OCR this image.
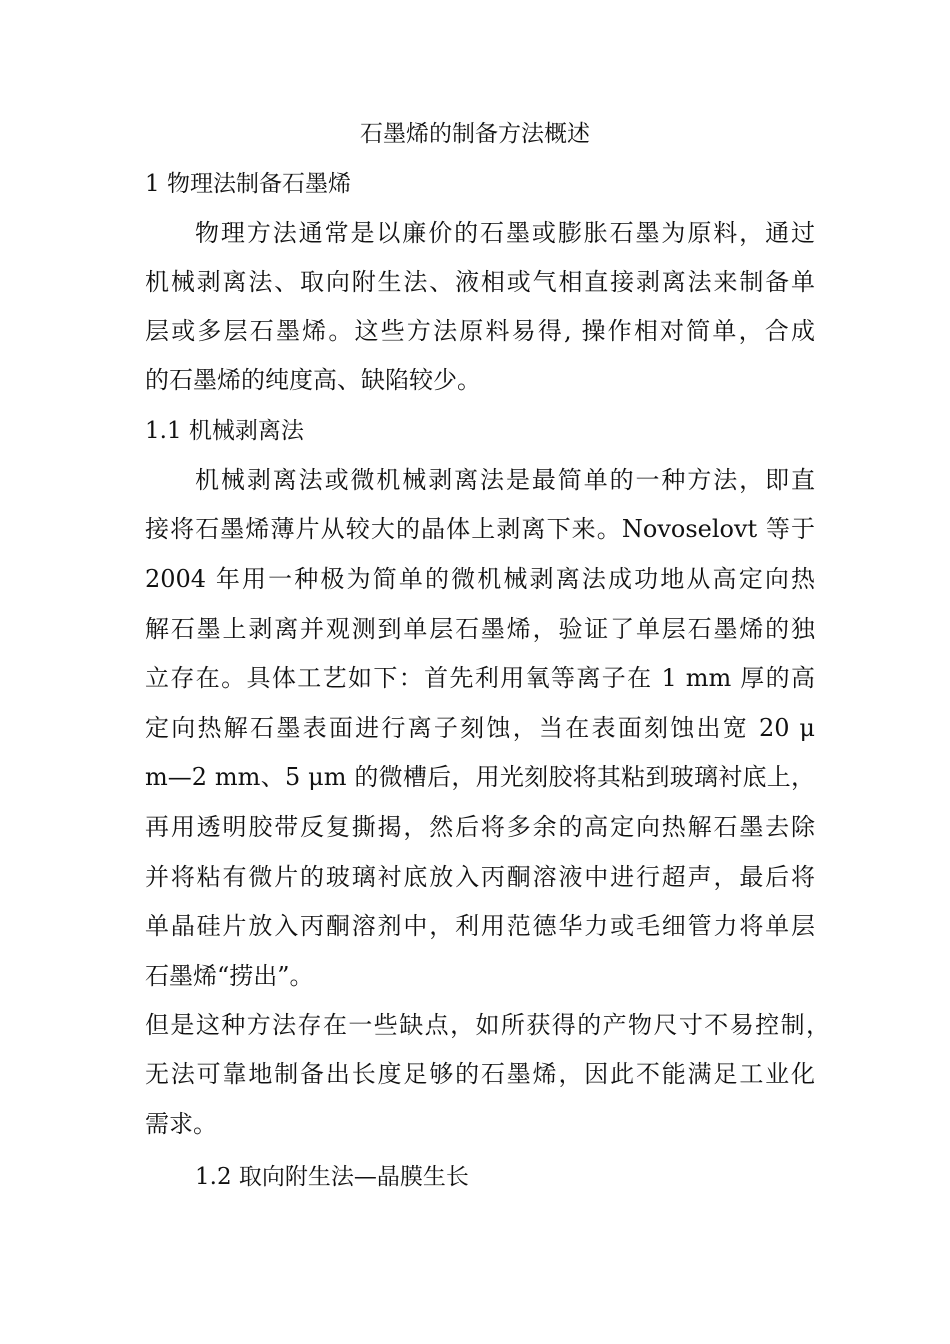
石墨烯的制备方法概述
1 物理法制备石墨烯
物理方法通常是以廉价的石墨或膨胀石墨为原料，通过
机械剥离法、取向附生法、液相或气相直接剥离法来制备单
层或多层石墨烯。这些方法原料易得, 操作相对简单，合成
的石墨烯的纯度高、缺陷较少。
1.1 机械剥离法
机械剥离法或微机械剥离法是最简单的一种方法，即直
接将石墨烯薄片从较大的晶体上剥离下来。Novoselovt 等于
2004 年用一种极为简单的微机械剥离法成功地从高定向热
解石墨上剥离并观测到单层石墨烯，验证了单层石墨烯的独
立存在。具体工艺如下：首先利用氧等离子在 1 mm 厚的高
定向热解石墨表面进行离子刻蚀，当在表面刻蚀出宽 20 μ
m—2 mm、5 μm 的微槽后，用光刻胶将其粘到玻璃衬底上，
再用透明胶带反复撕揭，然后将多余的高定向热解石墨去除
并将粘有微片的玻璃衬底放入丙酮溶液中进行超声，最后将
单晶硅片放入丙酮溶剂中，利用范德华力或毛细管力将单层
石墨烯“捞出”。
但是这种方法存在一些缺点，如所获得的产物尺寸不易控制，
无法可靠地制备出长度足够的石墨烯，因此不能满足工业化
需求。
1.2 取向附生法—晶膜生长
